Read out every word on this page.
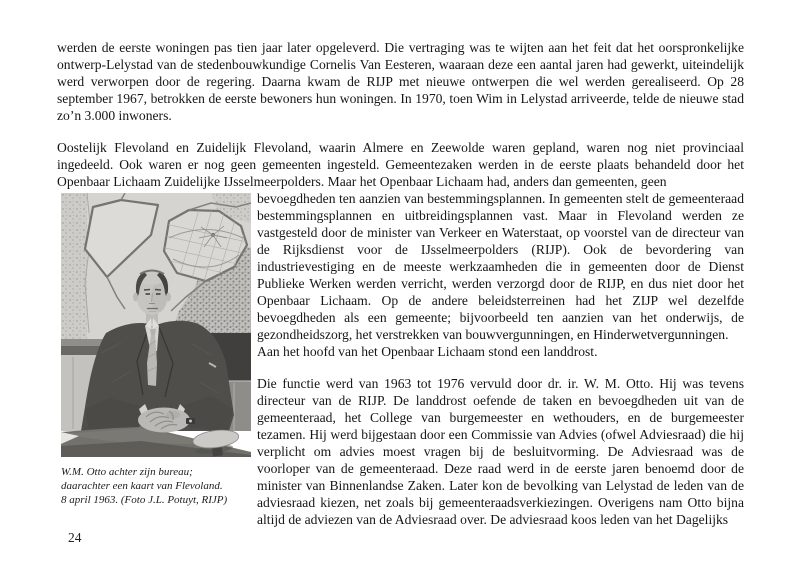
werden de eerste woningen pas tien jaar later opgeleverd. Die vertraging was te wijten aan het feit dat het oorspronkelijke ontwerp-Lelystad van de stedenbouwkundige Cornelis Van Eesteren, waaraan deze een aantal jaren had gewerkt, uiteindelijk werd verworpen door de regering. Daarna kwam de RIJP met nieuwe ontwerpen die wel werden gerealiseerd. Op 28 september 1967, betrokken de eerste bewoners hun woningen. In 1970, toen Wim in Lelystad arriveerde, telde de nieuwe stad zo’n 3.000 inwoners.

Oostelijk Flevoland en Zuidelijk Flevoland, waarin Almere en Zeewolde waren gepland, waren nog niet provinciaal ingedeeld. Ook waren er nog geen gemeenten ingesteld. Gemeentezaken werden in de eerste plaats behandeld door het Openbaar Lichaam Zuidelijke IJsselmeerpolders. Maar het Openbaar Lichaam had, anders dan gemeenten, geen

W.M. Otto achter zijn bureau;
daarachter een kaart van Flevoland.
8 april 1963. (Foto J.L. Potuyt, RIJP)

bevoegdheden ten aanzien van bestemmingsplannen. In gemeenten stelt de gemeenteraad bestemmingsplannen en uitbreidingsplannen vast. Maar in Flevoland werden ze vastgesteld door de minister van Verkeer en Waterstaat, op voorstel van de directeur van de Rijksdienst voor de IJsselmeerpolders (RIJP). Ook de bevordering van industrievestiging en de meeste werkzaamheden die in gemeenten door de Dienst Publieke Werken werden verricht, werden verzorgd door de RIJP, en dus niet door het Openbaar Lichaam. Op de andere beleidsterreinen had het ZIJP wel dezelfde bevoegdheden als een gemeente; bijvoorbeeld ten aanzien van het onderwijs, de gezondheidszorg, het verstrekken van bouwvergunningen, en Hinderwetvergunningen.

Aan het hoofd van het Openbaar Lichaam stond een landdrost.

Die functie werd van 1963 tot 1976 vervuld door dr. ir. W. M. Otto. Hij was tevens directeur van de RIJP. De landdrost oefende de taken en bevoegdheden uit van de gemeenteraad, het College van burgemeester en wethouders, en de burgemeester tezamen. Hij werd bijgestaan door een Commissie van Advies (ofwel Adviesraad) die hij verplicht om advies moest vragen bij de besluitvorming. De Adviesraad was de voorloper van de gemeenteraad. Deze raad werd in de eerste jaren benoemd door de minister van Binnenlandse Zaken. Later kon de bevolking van Lelystad de leden van de adviesraad kiezen, net zoals bij gemeenteraadsverkiezingen. Overigens nam Otto bijna altijd de adviezen van de Adviesraad over. De adviesraad koos leden van het Dagelijks

24
